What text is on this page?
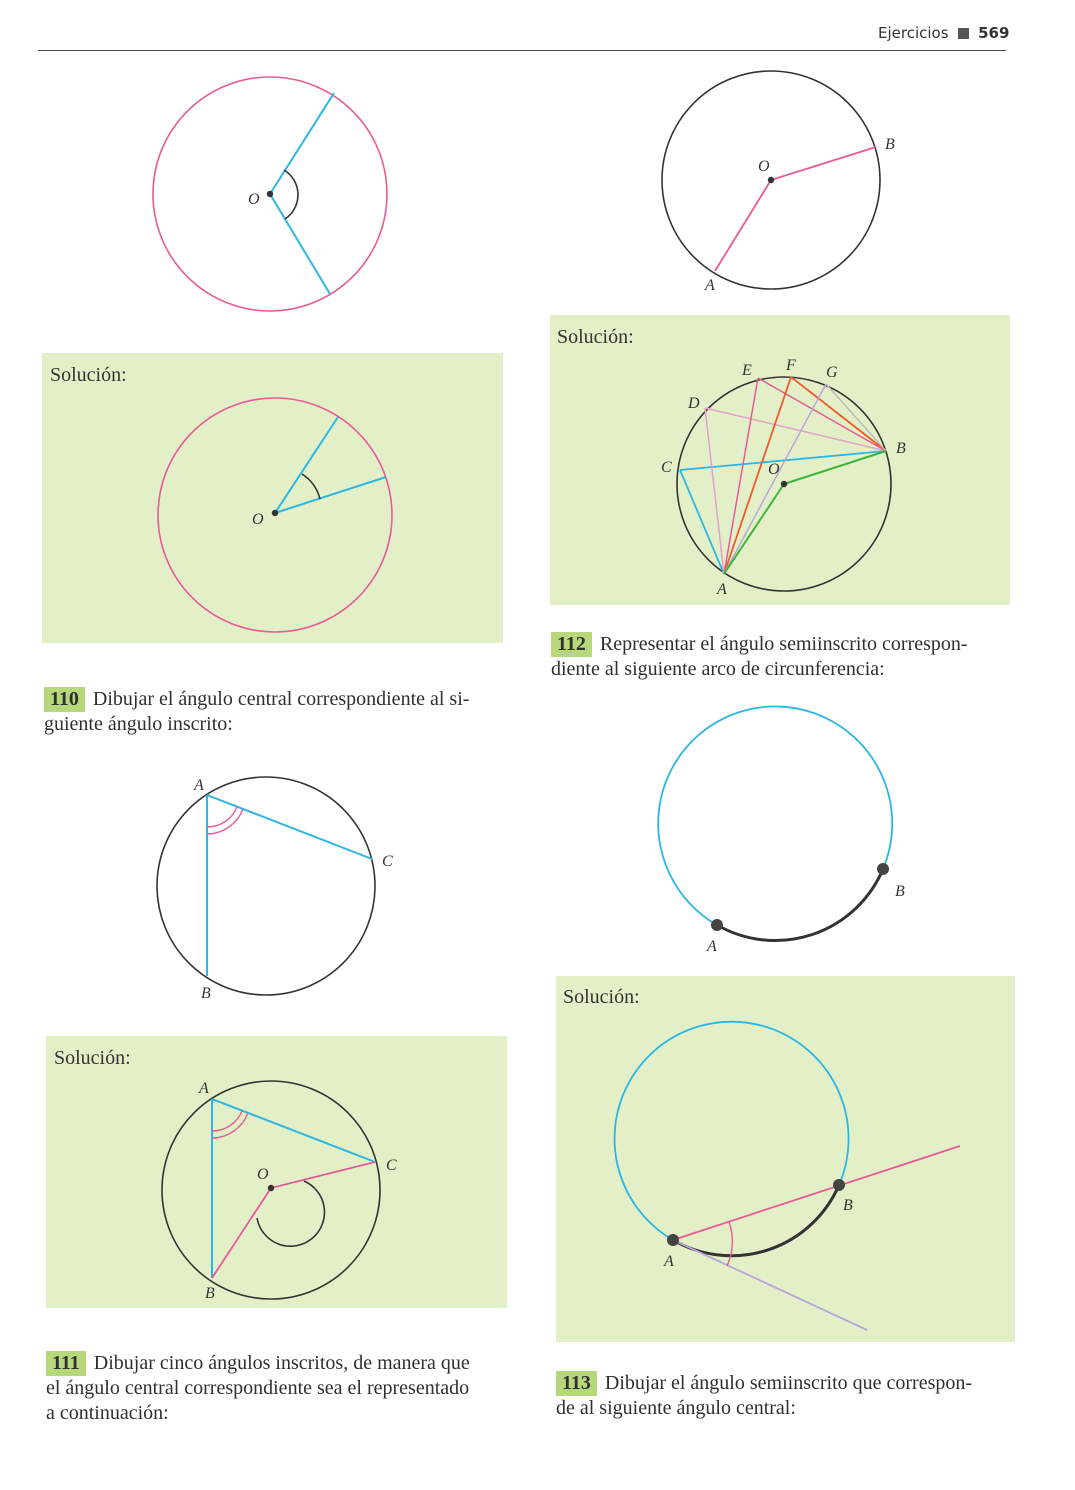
Ejercicios 569
Solución:
Solución:
Solución:
Solución:
110 Dibujar el ángulo central correspondiente al si-
guiente ángulo inscrito:
111 Dibujar cinco ángulos inscritos, de manera que
el ángulo central correspondiente sea el representado
a continuación:
112 Representar el ángulo semiinscrito correspon-
diente al siguiente arco de circunferencia:
113 Dibujar el ángulo semiinscrito que correspon-
de al siguiente ángulo central:
O
O
B
A
O
O
B
A
C
D
E F G
A
C
B
O
A
C
B
A
B
A
B
